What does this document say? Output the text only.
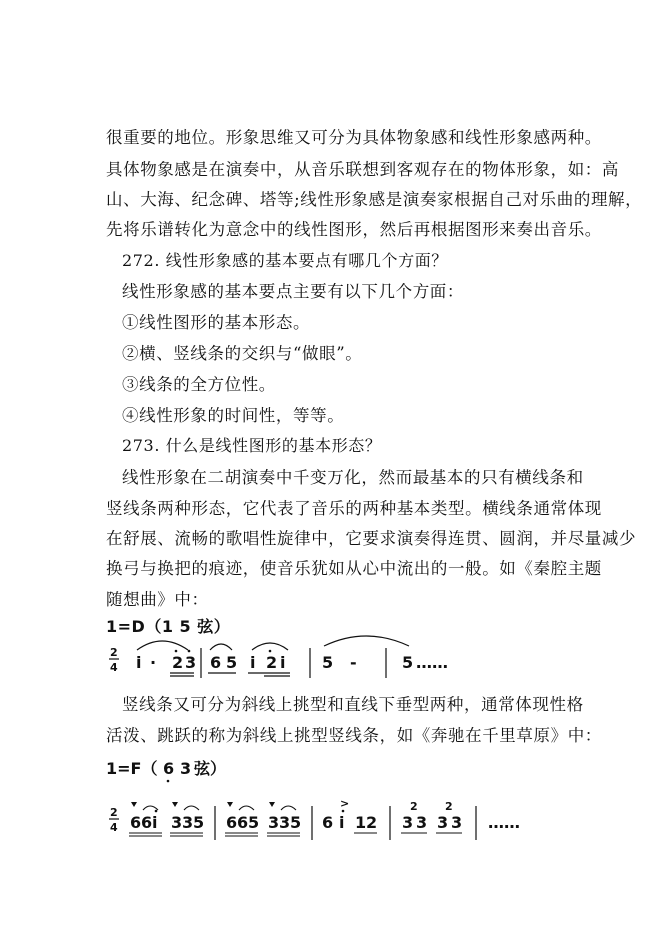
很重要的地位。形象思维又可分为具体物象感和线性形象感两种。
具体物象感是在演奏中，从音乐联想到客观存在的物体形象，如：高
山、大海、纪念碑、塔等;线性形象感是演奏家根据自己对乐曲的理解，
先将乐谱转化为意念中的线性图形，然后再根据图形来奏出音乐。
272. 线性形象感的基本要点有哪几个方面？
线性形象感的基本要点主要有以下几个方面：
①线性图形的基本形态。
②横、竖线条的交织与“做眼”。
③线条的全方位性。
④线性形象的时间性，等等。
273. 什么是线性图形的基本形态？
线性形象在二胡演奏中千变万化，然而最基本的只有横线条和
竖线条两种形态，它代表了音乐的两种基本类型。横线条通常体现
在舒展、流畅的歌唱性旋律中，它要求演奏得连贯、圆润，并尽量减少
换弓与换把的痕迹，使音乐犹如从心中流出的一般。如《秦腔主题
随想曲》中：
1=D（1 5 弦）
2
4 i · 2 3 6 5 i 2 i 5 -	5 ……
竖线条又可分为斜线上挑型和直线下垂型两种，通常体现性格
活泼、跳跃的称为斜线上挑型竖线条，如《奔驰在千里草原》中：
1=F（ 6 3 弦）
2
4 6 6 i 3 3 5 6 6 5 3 3 5 6 i 1 2 3 3 3 3 ……
2 2
>
